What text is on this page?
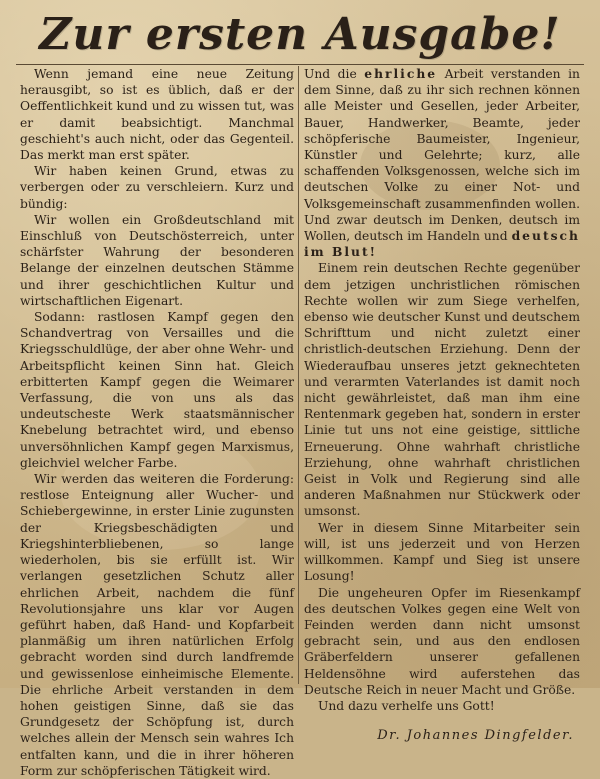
Zur ersten Ausgabe!

Wenn jemand eine neue Zeitung herausgibt, so ist es üblich, daß er der Oeffentlichkeit kund und zu wissen tut, was er damit beabsichtigt. Manchmal geschieht's auch nicht, oder das Gegenteil. Das merkt man erst später.

Wir haben keinen Grund, etwas zu verbergen oder zu verschleiern. Kurz und bündig:

Wir wollen ein Großdeutschland mit Einschluß von Deutschösterreich, unter schärfster Wahrung der besonderen Belange der einzelnen deutschen Stämme und ihrer geschichtlichen Kultur und wirtschaftlichen Eigenart.

Sodann: rastlosen Kampf gegen den Schandvertrag von Versailles und die Kriegsschuldlüge, der aber ohne Wehr- und Arbeitspflicht keinen Sinn hat. Gleich erbitterten Kampf gegen die Weimarer Verfassung, die von uns als das undeutscheste Werk staatsmännischer Knebelung betrachtet wird, und ebenso unversöhnlichen Kampf gegen Marxismus, gleichviel welcher Farbe.

Wir werden das weiteren die Forderung: restlose Enteignung aller Wucher- und Schiebergewinne, in erster Linie zugunsten der Kriegsbeschädigten und Kriegshinterbliebenen, so lange wiederholen, bis sie erfüllt ist. Wir verlangen gesetzlichen Schutz aller ehrlichen Arbeit, nachdem die fünf Revolutionsjahre uns klar vor Augen geführt haben, daß Hand- und Kopfarbeit planmäßig um ihren natürlichen Erfolg gebracht worden sind durch landfremde und gewissenlose einheimische Elemente. Die ehrliche Arbeit verstanden in dem hohen geistigen Sinne, daß sie das Grundgesetz der Schöpfung ist, durch welches allein der Mensch sein wahres Ich entfalten kann, und die in ihrer höheren Form zur schöpferischen Tätigkeit wird.

Und die ehrliche Arbeit verstanden in dem Sinne, daß zu ihr sich rechnen können alle Meister und Gesellen, jeder Arbeiter, Bauer, Handwerker, Beamte, jeder schöpferische Baumeister, Ingenieur, Künstler und Gelehrte; kurz, alle schaffenden Volksgenossen, welche sich im deutschen Volke zu einer Not- und Volksgemeinschaft zusammenfinden wollen. Und zwar deutsch im Denken, deutsch im Wollen, deutsch im Handeln und deutsch im Blut!

Einem rein deutschen Rechte gegenüber dem jetzigen unchristlichen römischen Rechte wollen wir zum Siege verhelfen, ebenso wie deutscher Kunst und deutschem Schrifttum und nicht zuletzt einer christlich-deutschen Erziehung. Denn der Wiederaufbau unseres jetzt geknechteten und verarmten Vaterlandes ist damit noch nicht gewährleistet, daß man ihm eine Rentenmark gegeben hat, sondern in erster Linie tut uns not eine geistige, sittliche Erneuerung. Ohne wahrhaft christliche Erziehung, ohne wahrhaft christlichen Geist in Volk und Regierung sind alle anderen Maßnahmen nur Stückwerk oder umsonst.

Wer in diesem Sinne Mitarbeiter sein will, ist uns jederzeit und von Herzen willkommen. Kampf und Sieg ist unsere Losung!

Die ungeheuren Opfer im Riesenkampf des deutschen Volkes gegen eine Welt von Feinden werden dann nicht umsonst gebracht sein, und aus den endlosen Gräberfeldern unserer gefallenen Heldensöhne wird auferstehen das Deutsche Reich in neuer Macht und Größe.

Und dazu verhelfe uns Gott!

Dr. Johannes Dingfelder.
